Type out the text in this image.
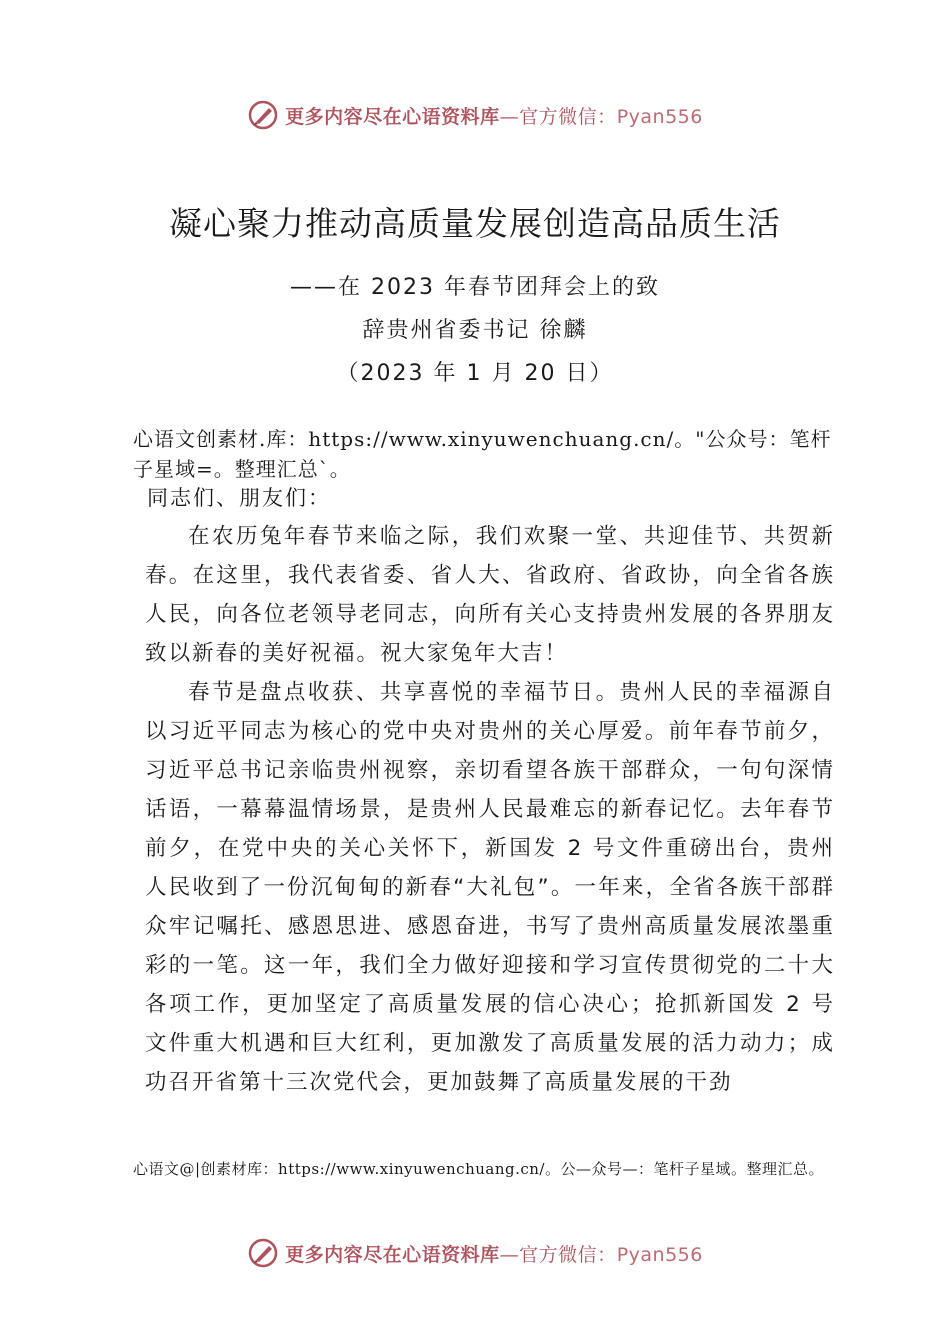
更多内容尽在心语资料库—官方微信：Pyan556
凝心聚力推动高质量发展创造高品质生活
——在 2023 年春节团拜会上的致
辞贵州省委书记 徐麟
（2023 年 1 月 20 日）
心语文创素材.库：https://www.xinyuwenchuang.cn/。"公众号：笔杆子星域=。整理汇总`。
同志们、朋友们：

在农历兔年春节来临之际，我们欢聚一堂、共迎佳节、共贺新春。在这里，我代表省委、省人大、省政府、省政协，向全省各族人民，向各位老领导老同志，向所有关心支持贵州发展的各界朋友致以新春的美好祝福。祝大家兔年大吉！

春节是盘点收获、共享喜悦的幸福节日。贵州人民的幸福源自以习近平同志为核心的党中央对贵州的关心厚爱。前年春节前夕，习近平总书记亲临贵州视察，亲切看望各族干部群众，一句句深情话语，一幕幕温情场景，是贵州人民最难忘的新春记忆。去年春节前夕，在党中央的关心关怀下，新国发 2 号文件重磅出台，贵州人民收到了一份沉甸甸的新春“大礼包”。一年来，全省各族干部群众牢记嘱托、感恩思进、感恩奋进，书写了贵州高质量发展浓墨重彩的一笔。这一年，我们全力做好迎接和学习宣传贯彻党的二十大各项工作，更加坚定了高质量发展的信心决心；抢抓新国发 2 号文件重大机遇和巨大红利，更加激发了高质量发展的活力动力；成功召开省第十三次党代会，更加鼓舞了高质量发展的干劲

心语文@|创素材库：https://www.xinyuwenchuang.cn/。公—众号—：笔杆子星域。整理汇总。
更多内容尽在心语资料库—官方微信：Pyan556
